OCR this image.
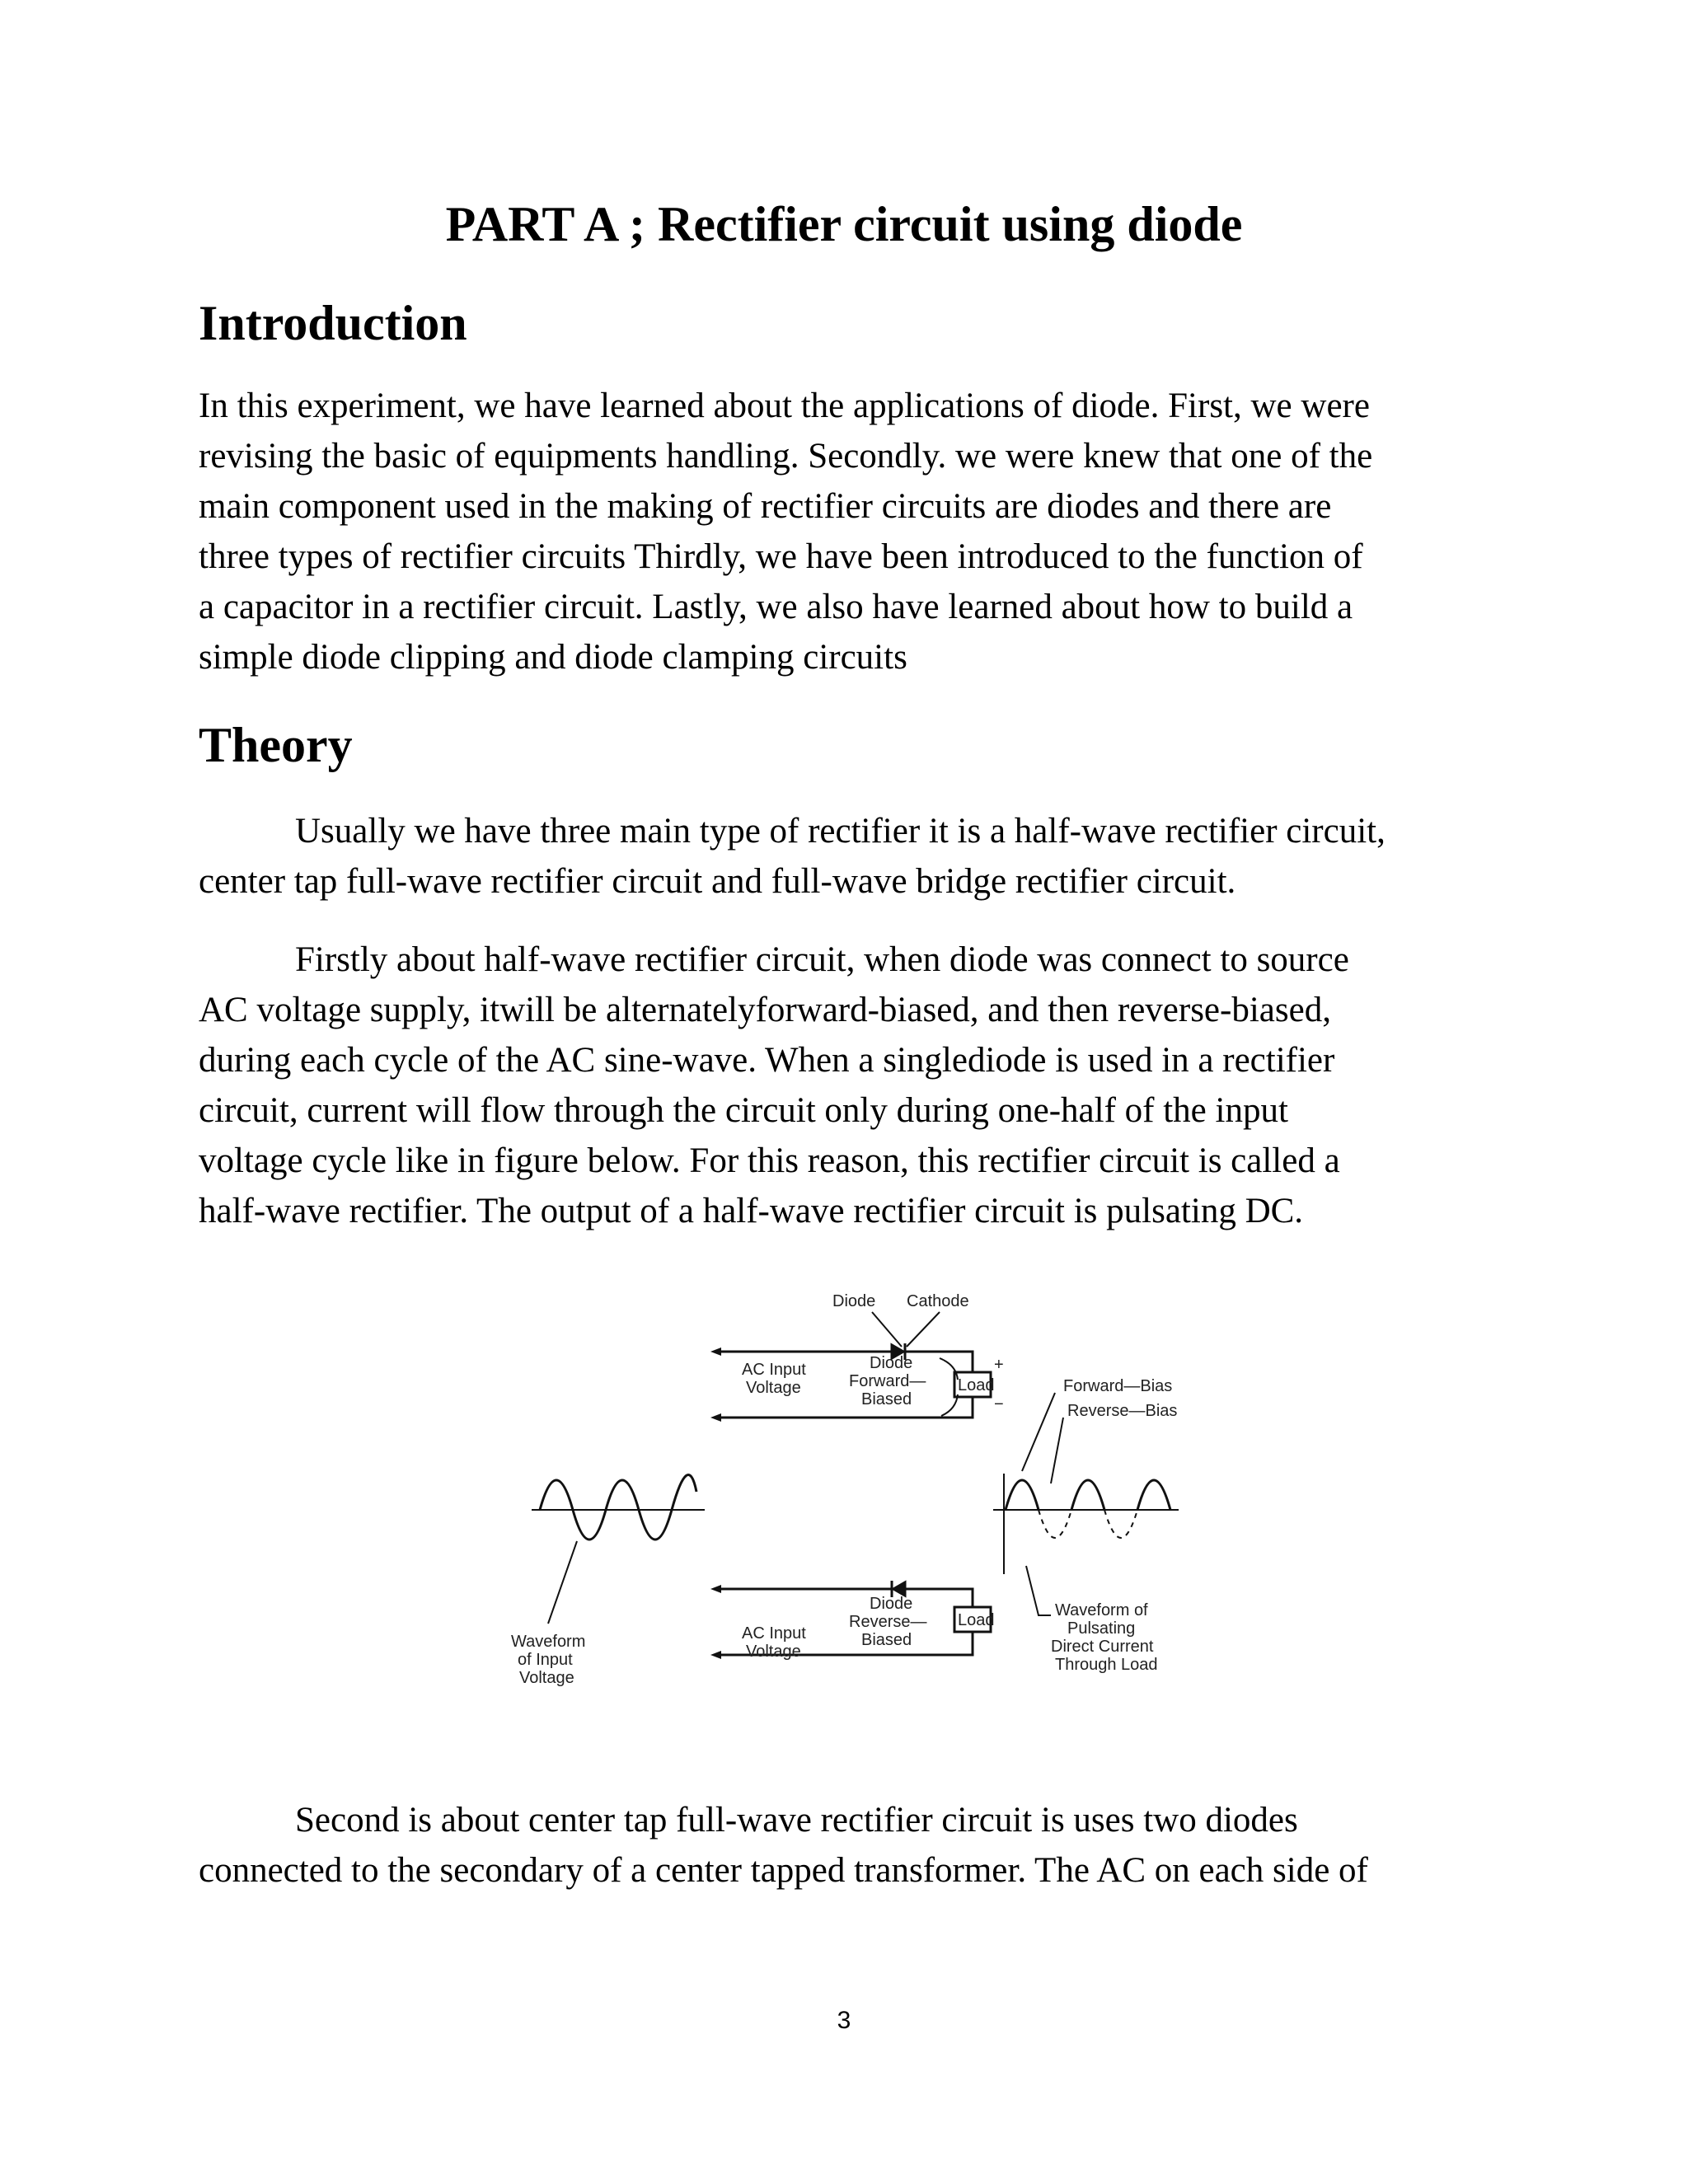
PART A ; Rectifier circuit using diode
Introduction

In this experiment, we have learned about the applications of diode. First, we were
revising the basic of equipments handling. Secondly. we were knew that one of the
main component used in the making of rectifier circuits are diodes and there are
three types of rectifier circuits Thirdly, we have been introduced to the function of
a capacitor in a rectifier circuit. Lastly, we also have learned about how to build a
simple diode clipping and diode clamping circuits

Theory

Usually we have three main type of rectifier it is a half-wave rectifier circuit,
center tap full-wave rectifier circuit and full-wave bridge rectifier circuit.

Firstly about half-wave rectifier circuit, when diode was connect to source
AC voltage supply, itwill be alternatelyforward-biased, and then reverse-biased,
during each cycle of the AC sine-wave. When a singlediode is used in a rectifier
circuit, current will flow through the circuit only during one-half of the input
voltage cycle like in figure below. For this reason, this rectifier circuit is called a
half-wave rectifier. The output of a half-wave rectifier circuit is pulsating DC.

Diode Cathode
AC Input
Voltage
Diode
Forward—
Biased
Load
+
−
Forward—Bias
Reverse—Bias
AC Input
Voltage
Diode
Reverse—
Biased
Load
Waveform
of Input
Voltage
Waveform of
Pulsating
Direct Current
Through Load

Second is about center tap full-wave rectifier circuit is uses two diodes
connected to the secondary of a center tapped transformer. The AC on each side of

3
